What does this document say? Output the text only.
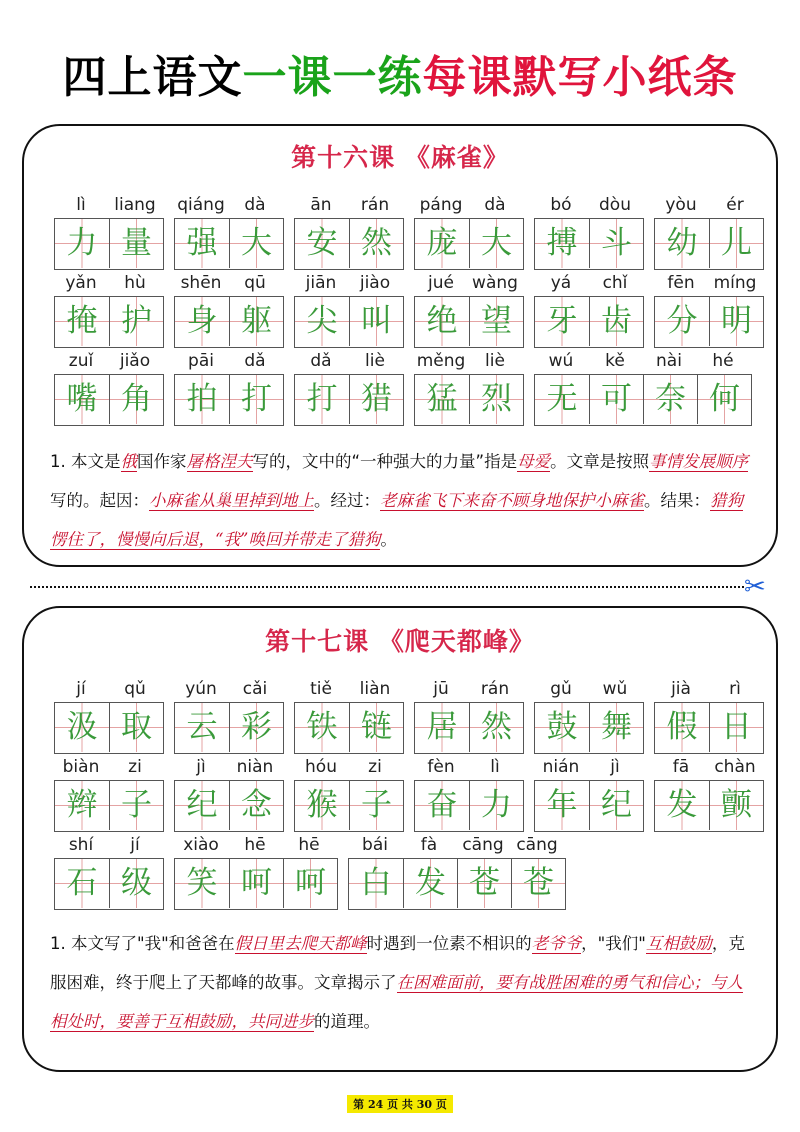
四上语文一课一练每课默写小纸条
第十六课 《麻雀》
lì	liang
力 量
qiáng	dà
强 大
ān	rán
安 然
páng	dà
庞 大
bó	dòu
搏 斗
yòu	ér
幼 儿
yǎn	hù
掩 护
shēn	qū
身 躯
jiān	jiào
尖 叫
jué	wàng
绝 望
yá	chǐ
牙 齿
fēn	míng
分 明
zuǐ	jiǎo
嘴 角
pāi	dǎ
拍 打
dǎ	liè
打 猎
měng	liè
猛 烈
wú	kě	nài	hé
无 可 奈 何
1. 本文是俄国作家屠格涅夫写的，文中的“一种强大的力量”指是母爱。文章是按照事情发展顺序写的。起因：小麻雀从巢里掉到地上。经过：老麻雀飞下来奋不顾身地保护小麻雀。结果：猎狗愣住了，慢慢向后退，“我”唤回并带走了猎狗。
✂
第十七课 《爬天都峰》
jí	qǔ
汲 取
yún	cǎi
云 彩
tiě	liàn
铁 链
jū	rán
居 然
gǔ	wǔ
鼓 舞
jià	rì
假 日
biàn	zi
辫 子
jì	niàn
纪 念
hóu	zi
猴 子
fèn	lì
奋 力
nián	jì
年 纪
fā	chàn
发 颤
shí	jí
石 级
xiào	hē	hē
笑 呵 呵
bái	fà	cāng cāng
白 发 苍 苍
1. 本文写了"我"和爸爸在假日里去爬天都峰时遇到一位素不相识的老爷爷，"我们"互相鼓励，克服困难，终于爬上了天都峰的故事。文章揭示了在困难面前，要有战胜困难的勇气和信心；与人相处时，要善于互相鼓励，共同进步的道理。
第 24 页 共 30 页
